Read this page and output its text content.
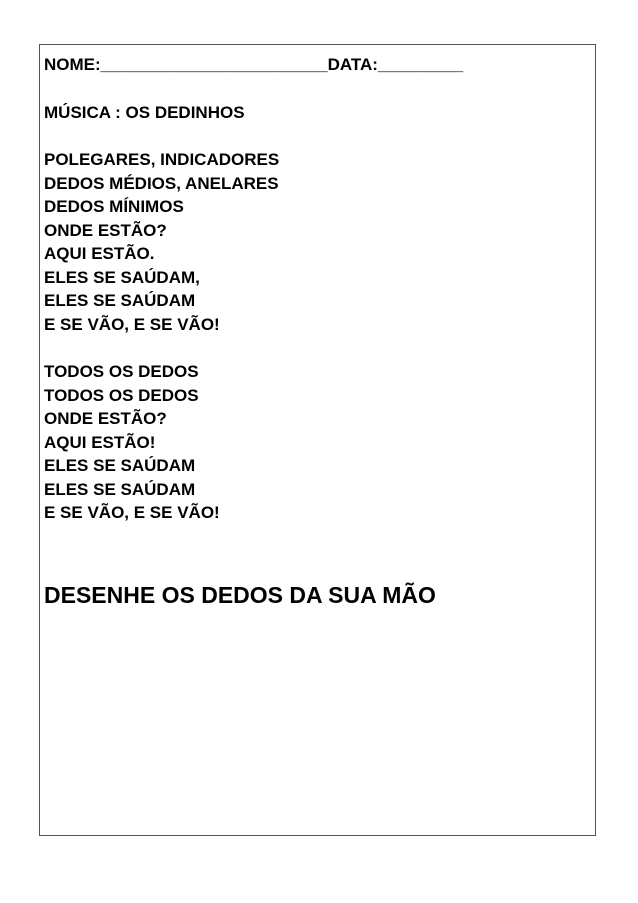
NOME:________________________ DATA:_________
MÚSICA : OS DEDINHOS
POLEGARES, INDICADORES
DEDOS MÉDIOS, ANELARES
DEDOS MÍNIMOS
ONDE ESTÃO?
AQUI ESTÃO.
ELES SE SAÚDAM,
ELES SE SAÚDAM
E SE VÃO, E SE VÃO!
TODOS OS DEDOS
TODOS OS DEDOS
ONDE ESTÃO?
AQUI ESTÃO!
ELES SE SAÚDAM
ELES SE SAÚDAM
E SE VÃO, E SE VÃO!
DESENHE OS DEDOS DA SUA MÃO
